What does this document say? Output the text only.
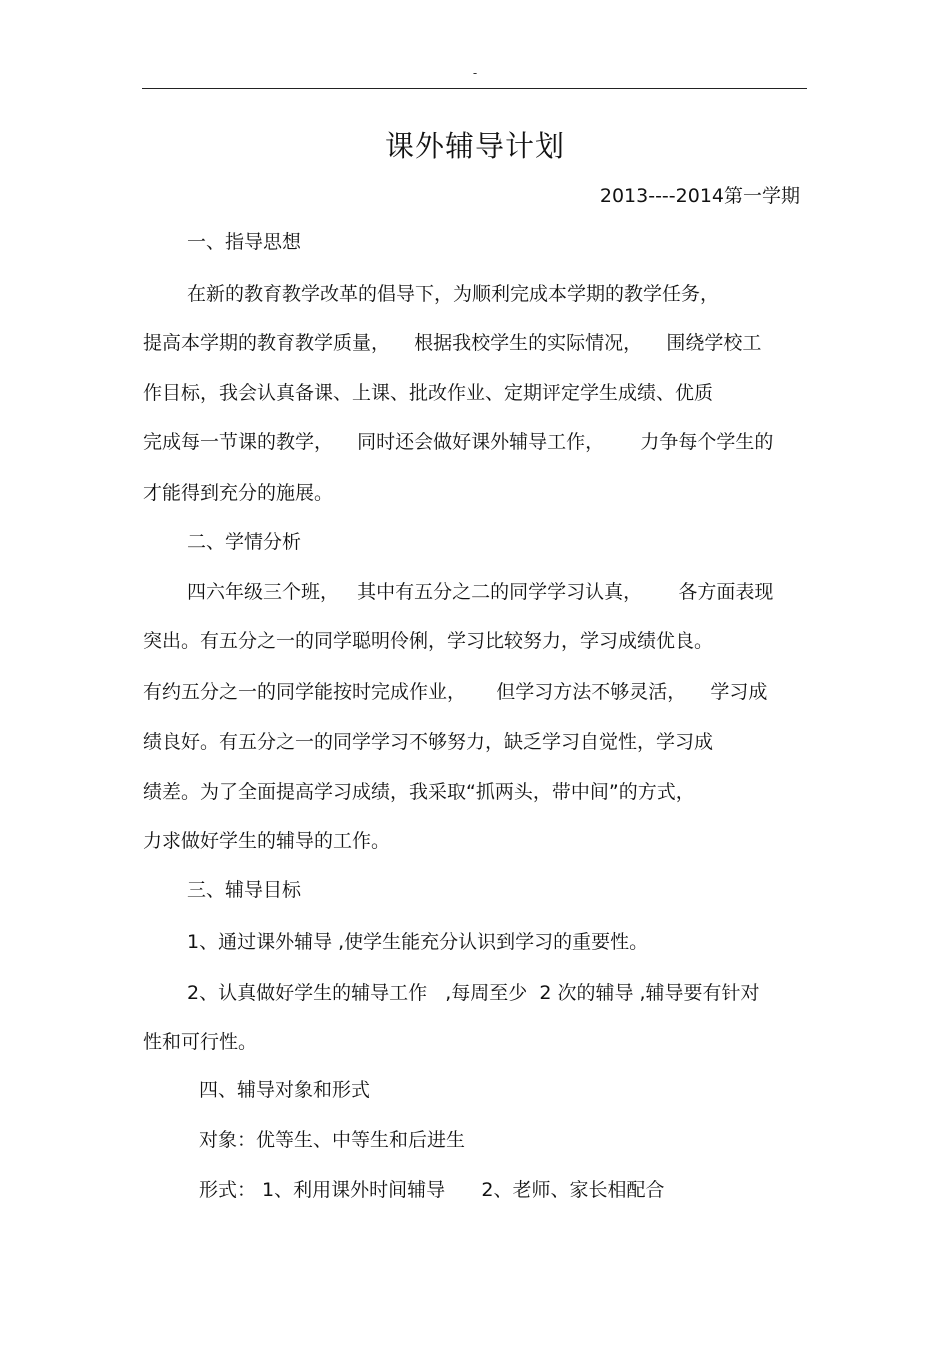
-
课外辅导计划
2013----2014第一学期
一、指导思想
在新的教育教学改革的倡导下，为顺利完成本学期的教学任务，
提高本学期的教育教学质量，    根据我校学生的实际情况，    围绕学校工
作目标，我会认真备课、上课、批改作业、定期评定学生成绩、优质
完成每一节课的教学，    同时还会做好课外辅导工作，      力争每个学生的
才能得到充分的施展。
二、学情分析
四六年级三个班，   其中有五分之二的同学学习认真，      各方面表现
突出。有五分之一的同学聪明伶俐，学习比较努力，学习成绩优良。
有约五分之一的同学能按时完成作业，     但学习方法不够灵活，    学习成
绩良好。有五分之一的同学学习不够努力，缺乏学习自觉性，学习成
绩差。为了全面提高学习成绩，我采取“抓两头，带中间”的方式，
力求做好学生的辅导的工作。
三、辅导目标
1、通过课外辅导 ,使学生能充分认识到学习的重要性。
2、认真做好学生的辅导工作   ,每周至少  2 次的辅导 ,辅导要有针对
性和可行性。
四、辅导对象和形式
对象：优等生、中等生和后进生
形式： 1、利用课外时间辅导      2、老师、家长相配合
